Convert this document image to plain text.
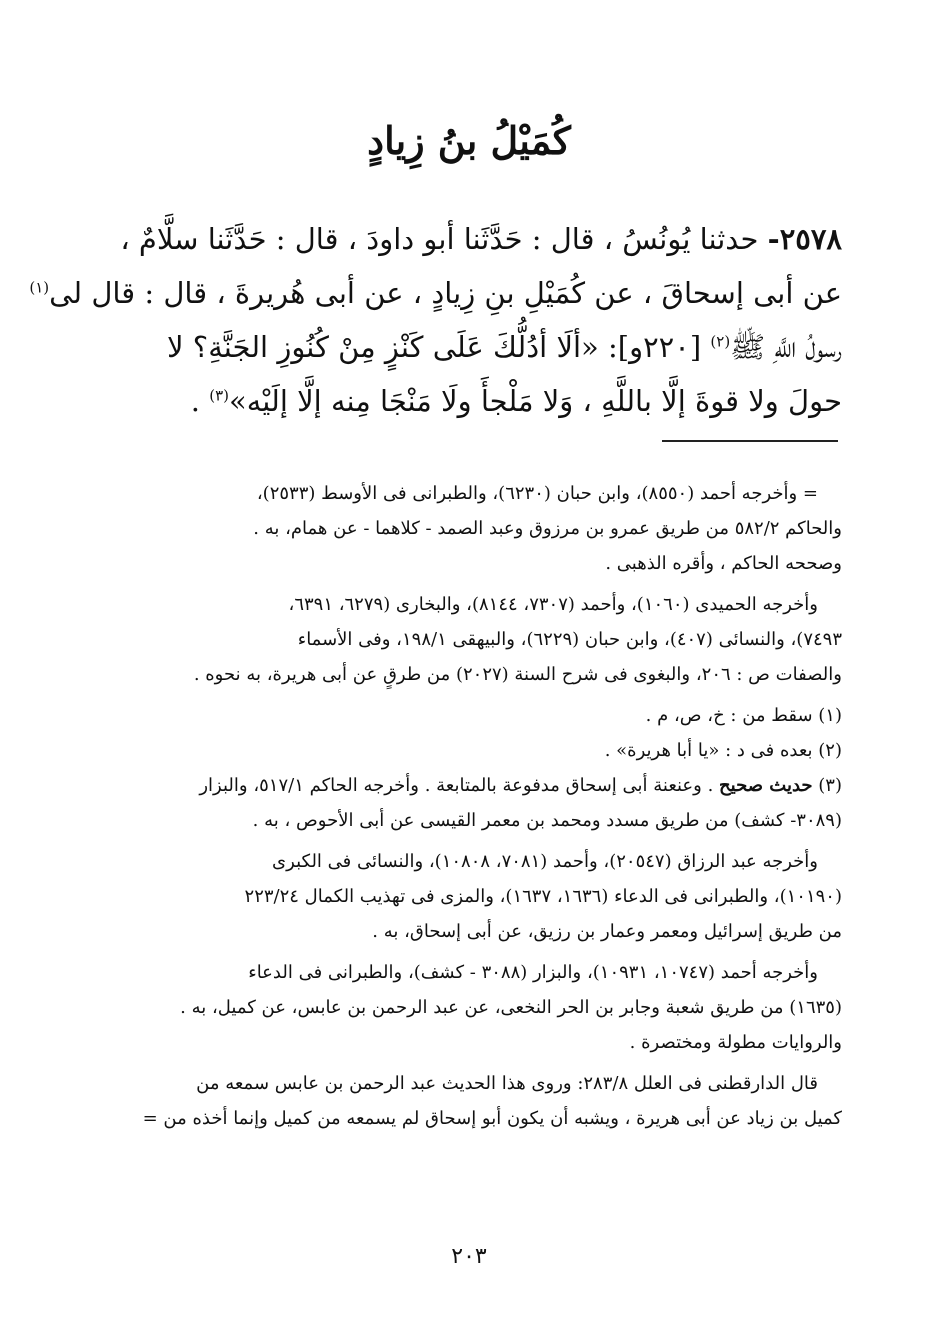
كُمَيْلُ بنُ زِيادٍ
٢٥٧٨- حدثنا يُونُسُ ، قال : حَدَّثَنا أبو داودَ ، قال : حَدَّثَنا سلَّامٌ ،
عن أبى إسحاقَ ، عن كُمَيْلِ بنِ زِيادٍ ، عن أبى هُريرةَ ، قال : قال لى$^{(١)}$
رسولُ اللَّهِ ﷺ$^{(٢)}$ [٢٢٠و]: «ألَا أدُلُّكَ عَلَى كَنْزٍ مِنْ كُنُوزِ الجَنَّةِ؟ لا
حولَ ولا قوةَ إلَّا باللَّهِ ، وَلا مَلْجأَ ولَا مَنْجَا مِنه إلَّا إلَيْه»$^{(٣)}$ .
= وأخرجه أحمد (٨٥٥٠)، وابن حبان (٦٢٣٠)، والطبرانى فى الأوسط (٢٥٣٣)،
والحاكم ٥٨٢/٢ من طريق عمرو بن مرزوق وعبد الصمد - كلاهما - عن همام، به .
وصححه الحاكم ، وأقره الذهبى .
وأخرجه الحميدى (١٠٦٠)، وأحمد (٧٣٠٧، ٨١٤٤)، والبخارى (٦٢٧٩، ٦٣٩١،
٧٤٩٣)، والنسائى (٤٠٧)، وابن حبان (٦٢٢٩)، والبيهقى ١٩٨/١، وفى الأسماء
والصفات ص : ٢٠٦، والبغوى فى شرح السنة (٢٠٢٧) من طرقٍ عن أبى هريرة، به نحوه .
(١) سقط من : خ، ص، م .
(٢) بعده فى د : «يا أبا هريرة» .
(٣) حديث صحيح . وعنعنة أبى إسحاق مدفوعة بالمتابعة . وأخرجه الحاكم ٥١٧/١، والبزار
(٣٠٨٩- كشف) من طريق مسدد ومحمد بن معمر القيسى عن أبى الأحوص ، به .
وأخرجه عبد الرزاق (٢٠٥٤٧)، وأحمد (٧٠٨١، ١٠٨٠٨)، والنسائى فى الكبرى
(١٠١٩٠)، والطبرانى فى الدعاء (١٦٣٦، ١٦٣٧)، والمزى فى تهذيب الكمال ٢٢٣/٢٤
من طريق إسرائيل ومعمر وعمار بن رزيق، عن أبى إسحاق، به .
وأخرجه أحمد (١٠٧٤٧، ١٠٩٣١)، والبزار (٣٠٨٨ - كشف)، والطبرانى فى الدعاء
(١٦٣٥) من طريق شعبة وجابر بن الحر النخعى، عن عبد الرحمن بن عابس، عن كميل، به .
والروايات مطولة ومختصرة .
قال الدارقطنى فى العلل ٢٨٣/٨: وروى هذا الحديث عبد الرحمن بن عابس سمعه من
كميل بن زياد عن أبى هريرة ، ويشبه أن يكون أبو إسحاق لم يسمعه من كميل وإنما أخذه من =
٢٠٣
